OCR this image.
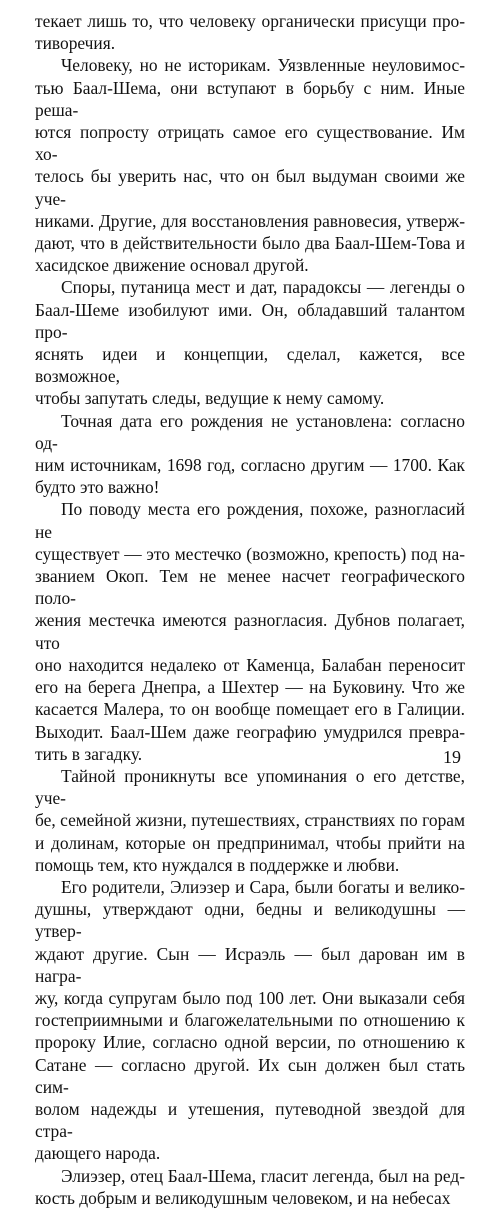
текает лишь то, что человеку органически присущи про-
тиворечия.
Человеку, но не историкам. Уязвленные неуловимос-
тью Баал-Шема, они вступают в борьбу с ним. Иные решa-
ются попросту отрицать самое его существование. Им хо-
телось бы уверить нас, что он был выдуман своими же уче-
никами. Другие, для восстановления равновесия, утверж-
дают, что в действительности было два Баал-Шем-Това и
хасидское движение основал другой.
Споры, путаница мест и дат, парадоксы — легенды о
Баал-Шеме изобилуют ими. Он, обладавший талантом про-
яснять идеи и концепции, сделал, кажется, все возможное,
чтобы запутать следы, ведущие к нему самому.
Точная дата его рождения не установлена: согласно од-
ним источникам, 1698 год, согласно другим — 1700. Как
будто это важно!
По поводу места его рождения, похоже, разногласий не
существует — это местечко (возможно, крепость) под на-
званием Окоп. Тем не менее насчет географического поло-
жения местечка имеются разногласия. Дубнов полагает, что
оно находится недалеко от Каменца, Балабан переносит
его на берега Днепра, а Шехтер — на Буковину. Что же
касается Малера, то он вообще помещает его в Галиции.
Выходит. Баал-Шем даже географию умудрился превра-
тить в загадку.
Тайной проникнуты все упоминания о его детстве, уче-
бе, семейной жизни, путешествиях, странствиях по горам
и долинам, которые он предпринимал, чтобы прийти на
помощь тем, кто нуждался в поддержке и любви.
Его родители, Элиэзер и Сара, были богаты и велико-
душны, утверждают одни, бедны и великодушны — утвер-
ждают другие. Сын — Исраэль — был дарован им в награ-
жу, когда супругам было под 100 лет. Они выказали себя
гостеприимными и благожелательными по отношению к
пророку Илие, согласно одной версии, по отношению к
Сатане — согласно другой. Их сын должен был стать сим-
волом надежды и утешения, путеводной звездой для стра-
дающего народа.
Элиэзер, отец Баал-Шема, гласит легенда, был на ред-
кость добрым и великодушным человеком, и на небесах
19
